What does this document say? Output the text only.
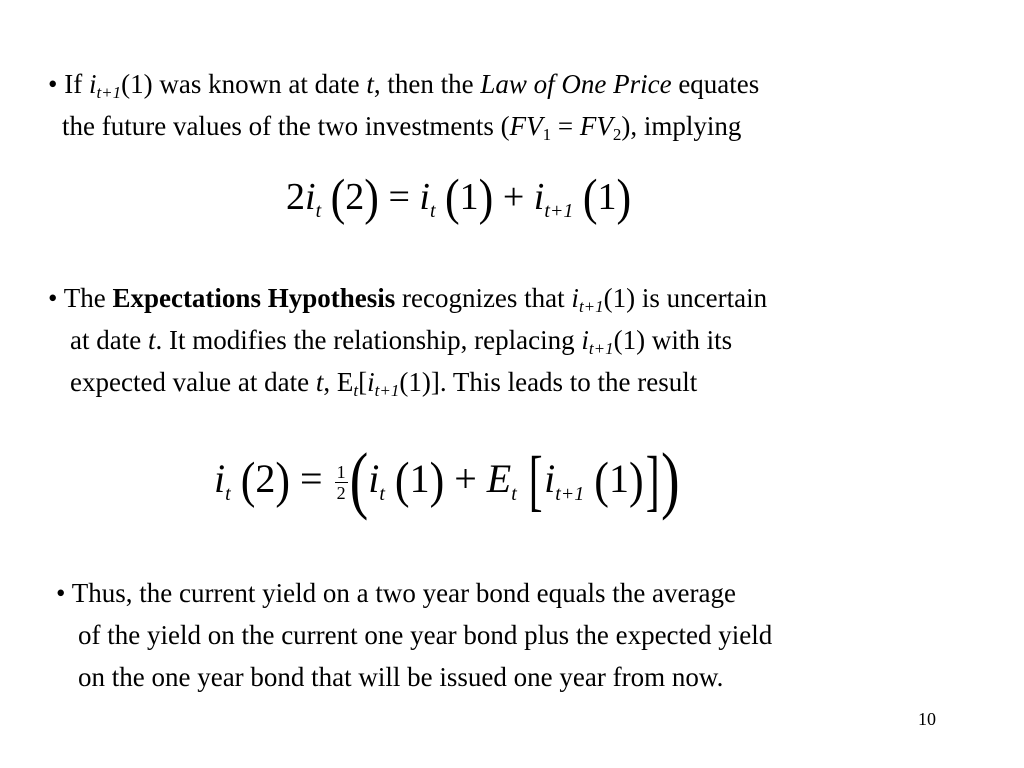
• If $i_{t+1}(1)$ was known at date t, then the Law of One Price equates
the future values of the two investments $(FV_1 = FV_2)$, implying
$2i_t$ $(2) = i_t$ $(1) + i_{t+1}$ (1)
• The Expectations Hypothesis recognizes that $i_{t+1}(1)$ is uncertain
at date t. It modifies the relationship, replacing $i_{t+1}(1)$ with its
expected value at date t, $E_t[i_{t+1}(1)]$. This leads to the result
$i_t$ $(2) = \frac{1}{2} (i_t$ $(1) + E_t$ [$i_{t+1}$ (1)])
• Thus, the current yield on a two year bond equals the average
of the yield on the current one year bond plus the expected yield
on the one year bond that will be issued one year from now.
10
